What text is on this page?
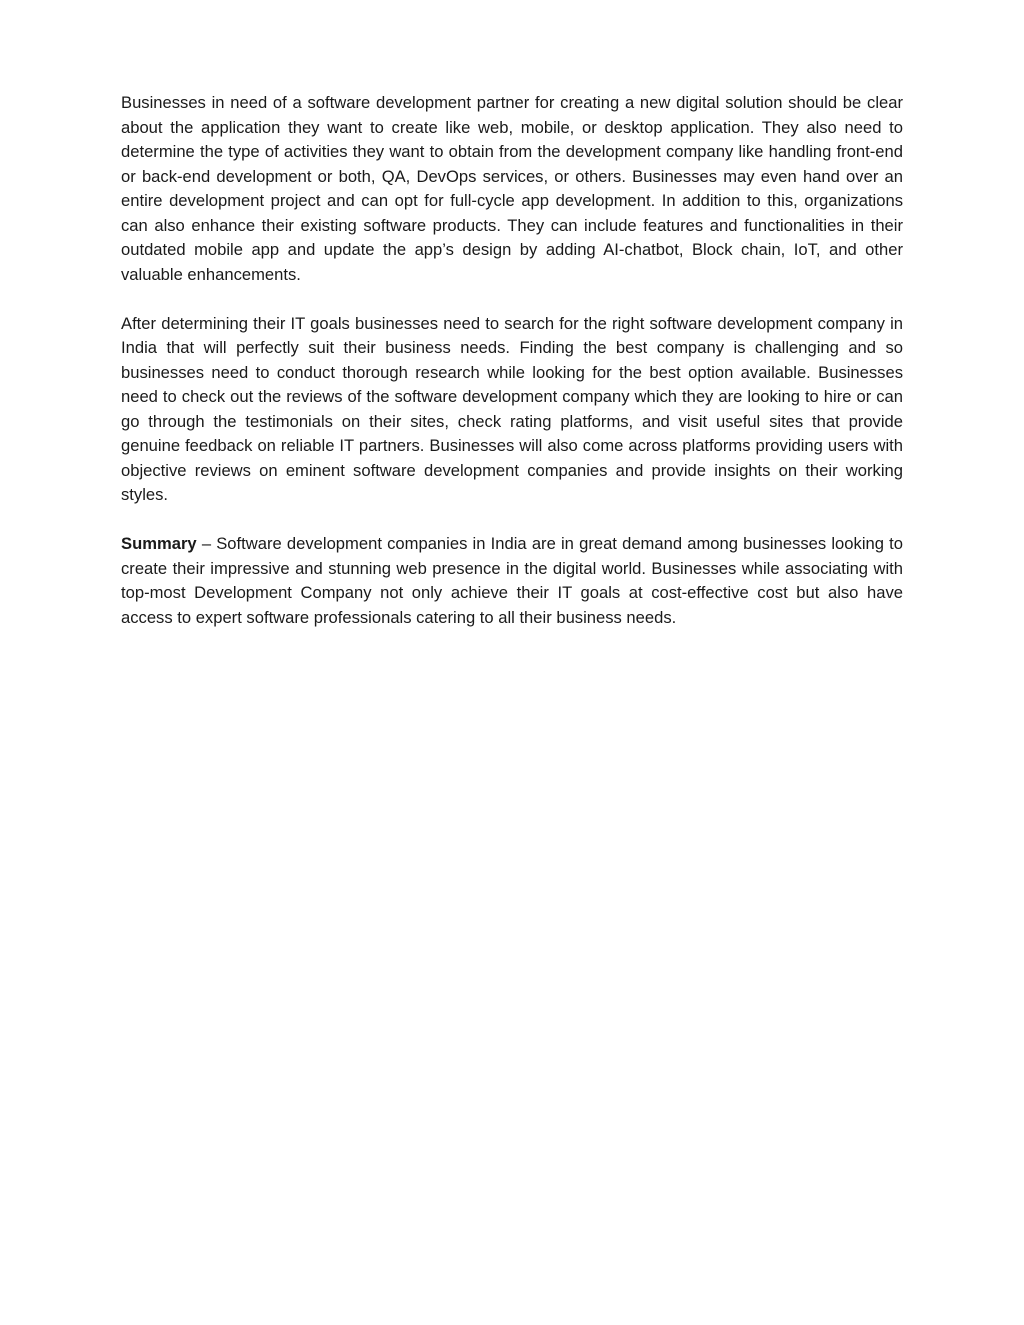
Businesses in need of a software development partner for creating a new digital solution should be clear about the application they want to create like web, mobile, or desktop application. They also need to determine the type of activities they want to obtain from the development company like handling front-end or back-end development or both, QA, DevOps services, or others. Businesses may even hand over an entire development project and can opt for full-cycle app development. In addition to this, organizations can also enhance their existing software products. They can include features and functionalities in their outdated mobile app and update the app’s design by adding AI-chatbot, Block chain, IoT, and other valuable enhancements.

After determining their IT goals businesses need to search for the right software development company in India that will perfectly suit their business needs. Finding the best company is challenging and so businesses need to conduct thorough research while looking for the best option available. Businesses need to check out the reviews of the software development company which they are looking to hire or can go through the testimonials on their sites, check rating platforms, and visit useful sites that provide genuine feedback on reliable IT partners. Businesses will also come across platforms providing users with objective reviews on eminent software development companies and provide insights on their working styles.

Summary – Software development companies in India are in great demand among businesses looking to create their impressive and stunning web presence in the digital world. Businesses while associating with top-most Development Company not only achieve their IT goals at cost-effective cost but also have access to expert software professionals catering to all their business needs.
